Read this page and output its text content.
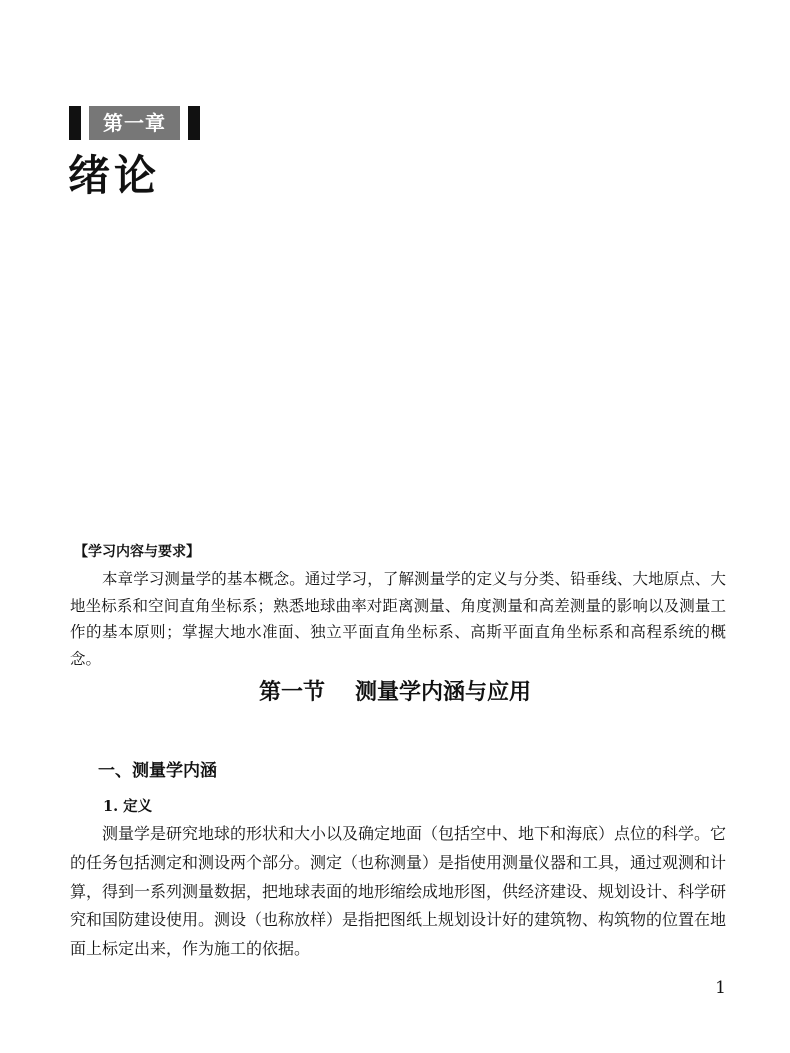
第一章
绪论
【学习内容与要求】

本章学习测量学的基本概念。通过学习，了解测量学的定义与分类、铅垂线、大地原点、大地坐标系和空间直角坐标系；熟悉地球曲率对距离测量、角度测量和高差测量的影响以及测量工作的基本原则；掌握大地水准面、独立平面直角坐标系、高斯平面直角坐标系和高程系统的概念。

第一节 测量学内涵与应用
一、测量学内涵
1. 定义

测量学是研究地球的形状和大小以及确定地面（包括空中、地下和海底）点位的科学。它的任务包括测定和测设两个部分。测定（也称测量）是指使用测量仪器和工具，通过观测和计算，得到一系列测量数据，把地球表面的地形缩绘成地形图，供经济建设、规划设计、科学研究和国防建设使用。测设（也称放样）是指把图纸上规划设计好的建筑物、构筑物的位置在地面上标定出来，作为施工的依据。

1
